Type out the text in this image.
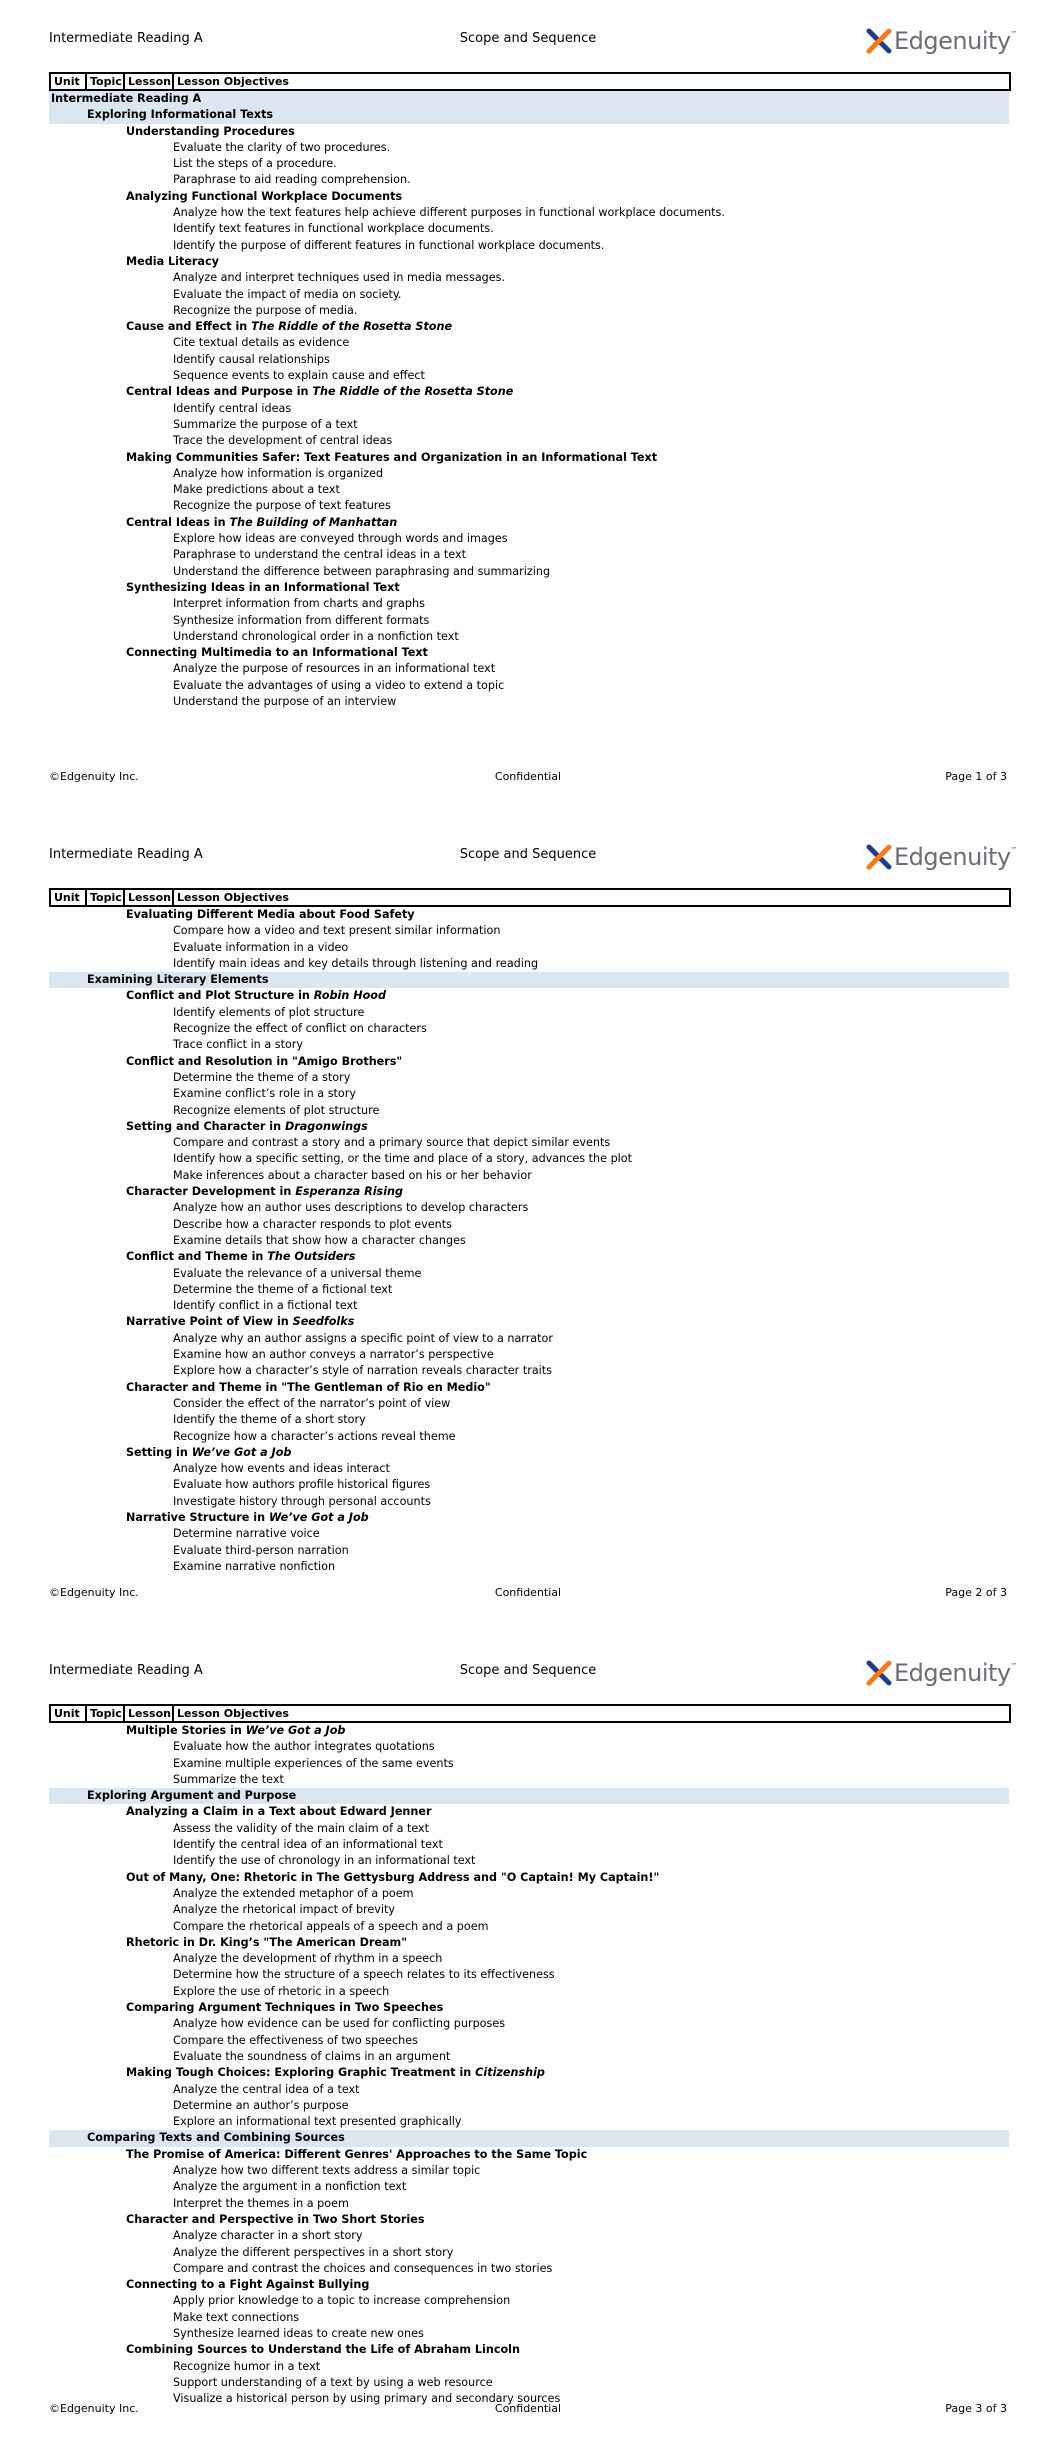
Intermediate Reading A	Scope and Sequence	Edgenuity ™
Unit Topic Lesson Lesson Objectives
Intermediate Reading A
Exploring Informational Texts
Understanding Procedures
Evaluate the clarity of two procedures.
List the steps of a procedure.
Paraphrase to aid reading comprehension.
Analyzing Functional Workplace Documents
Analyze how the text features help achieve different purposes in functional workplace documents.
Identify text features in functional workplace documents.
Identify the purpose of different features in functional workplace documents.
Media Literacy
Analyze and interpret techniques used in media messages.
Evaluate the impact of media on society.
Recognize the purpose of media.
Cause and Effect in The Riddle of the Rosetta Stone
Cite textual details as evidence
Identify causal relationships
Sequence events to explain cause and effect
Central Ideas and Purpose in The Riddle of the Rosetta Stone
Identify central ideas
Summarize the purpose of a text
Trace the development of central ideas
Making Communities Safer: Text Features and Organization in an Informational Text
Analyze how information is organized
Make predictions about a text
Recognize the purpose of text features
Central Ideas in The Building of Manhattan
Explore how ideas are conveyed through words and images
Paraphrase to understand the central ideas in a text
Understand the difference between paraphrasing and summarizing
Synthesizing Ideas in an Informational Text
Interpret information from charts and graphs
Synthesize information from different formats
Understand chronological order in a nonfiction text
Connecting Multimedia to an Informational Text
Analyze the purpose of resources in an informational text
Evaluate the advantages of using a video to extend a topic
Understand the purpose of an interview
©Edgenuity Inc.	Confidential	Page 1 of 3
Intermediate Reading A	Scope and Sequence	Edgenuity ™
Unit Topic Lesson Lesson Objectives
Evaluating Different Media about Food Safety
Compare how a video and text present similar information
Evaluate information in a video
Identify main ideas and key details through listening and reading
Examining Literary Elements
Conflict and Plot Structure in Robin Hood
Identify elements of plot structure
Recognize the effect of conflict on characters
Trace conflict in a story
Conflict and Resolution in "Amigo Brothers"
Determine the theme of a story
Examine conflict’s role in a story
Recognize elements of plot structure
Setting and Character in Dragonwings
Compare and contrast a story and a primary source that depict similar events
Identify how a specific setting, or the time and place of a story, advances the plot
Make inferences about a character based on his or her behavior
Character Development in Esperanza Rising
Analyze how an author uses descriptions to develop characters
Describe how a character responds to plot events
Examine details that show how a character changes
Conflict and Theme in The Outsiders
Evaluate the relevance of a universal theme
Determine the theme of a fictional text
Identify conflict in a fictional text
Narrative Point of View in Seedfolks
Analyze why an author assigns a specific point of view to a narrator
Examine how an author conveys a narrator’s perspective
Explore how a character’s style of narration reveals character traits
Character and Theme in "The Gentleman of Rio en Medio"
Consider the effect of the narrator’s point of view
Identify the theme of a short story
Recognize how a character’s actions reveal theme
Setting in We’ve Got a Job
Analyze how events and ideas interact
Evaluate how authors profile historical figures
Investigate history through personal accounts
Narrative Structure in We’ve Got a Job
Determine narrative voice
Evaluate third-person narration
Examine narrative nonfiction
©Edgenuity Inc.	Confidential	Page 2 of 3
Intermediate Reading A	Scope and Sequence	Edgenuity ™
Unit Topic Lesson Lesson Objectives
Multiple Stories in We’ve Got a Job
Evaluate how the author integrates quotations
Examine multiple experiences of the same events
Summarize the text
Exploring Argument and Purpose
Analyzing a Claim in a Text about Edward Jenner
Assess the validity of the main claim of a text
Identify the central idea of an informational text
Identify the use of chronology in an informational text
Out of Many, One: Rhetoric in The Gettysburg Address and "O Captain! My Captain!"
Analyze the extended metaphor of a poem
Analyze the rhetorical impact of brevity
Compare the rhetorical appeals of a speech and a poem
Rhetoric in Dr. King’s "The American Dream"
Analyze the development of rhythm in a speech
Determine how the structure of a speech relates to its effectiveness
Explore the use of rhetoric in a speech
Comparing Argument Techniques in Two Speeches
Analyze how evidence can be used for conflicting purposes
Compare the effectiveness of two speeches
Evaluate the soundness of claims in an argument
Making Tough Choices: Exploring Graphic Treatment in Citizenship
Analyze the central idea of a text
Determine an author’s purpose
Explore an informational text presented graphically
Comparing Texts and Combining Sources
The Promise of America: Different Genres' Approaches to the Same Topic
Analyze how two different texts address a similar topic
Analyze the argument in a nonfiction text
Interpret the themes in a poem
Character and Perspective in Two Short Stories
Analyze character in a short story
Analyze the different perspectives in a short story
Compare and contrast the choices and consequences in two stories
Connecting to a Fight Against Bullying
Apply prior knowledge to a topic to increase comprehension
Make text connections
Synthesize learned ideas to create new ones
Combining Sources to Understand the Life of Abraham Lincoln
Recognize humor in a text
Support understanding of a text by using a web resource
Visualize a historical person by using primary and secondary sources
©Edgenuity Inc.	Confidential	Page 3 of 3
